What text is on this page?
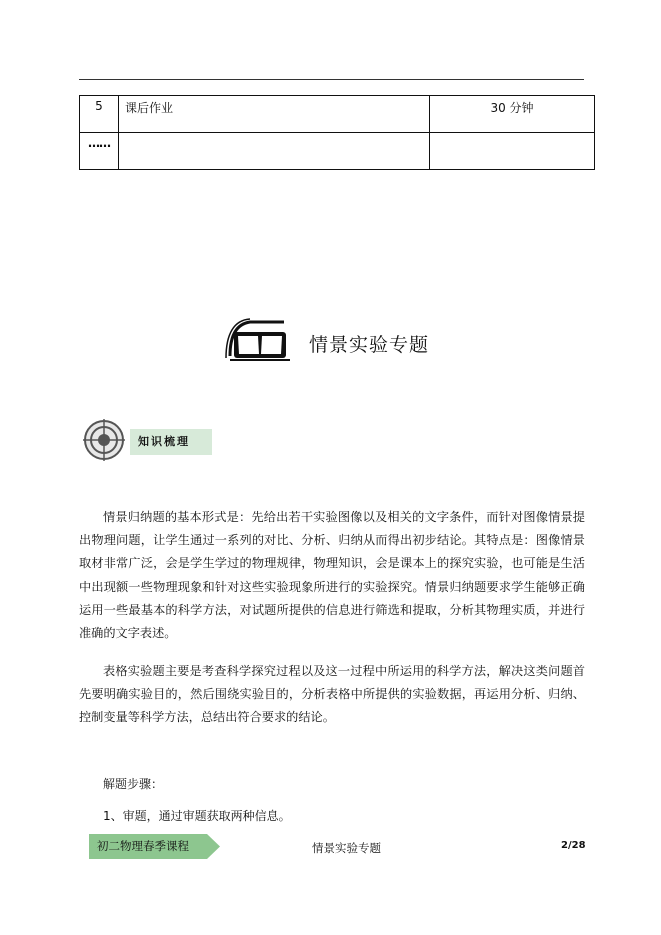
5	课后作业	30 分钟
……		
情景实验专题
知识梳理

情景归纳题的基本形式是：先给出若干实验图像以及相关的文字条件，而针对图像情景提出物理问题，让学生通过一系列的对比、分析、归纳从而得出初步结论。其特点是：图像情景取材非常广泛，会是学生学过的物理规律，物理知识，会是课本上的探究实验，也可能是生活中出现额一些物理现象和针对这些实验现象所进行的实验探究。情景归纳题要求学生能够正确运用一些最基本的科学方法，对试题所提供的信息进行筛选和提取，分析其物理实质，并进行准确的文字表述。

表格实验题主要是考查科学探究过程以及这一过程中所运用的科学方法，解决这类问题首先要明确实验目的，然后围绕实验目的，分析表格中所提供的实验数据，再运用分析、归纳、控制变量等科学方法，总结出符合要求的结论。

解题步骤：

1、审题，通过审题获取两种信息。

初二物理春季课程	情景实验专题	2/28
